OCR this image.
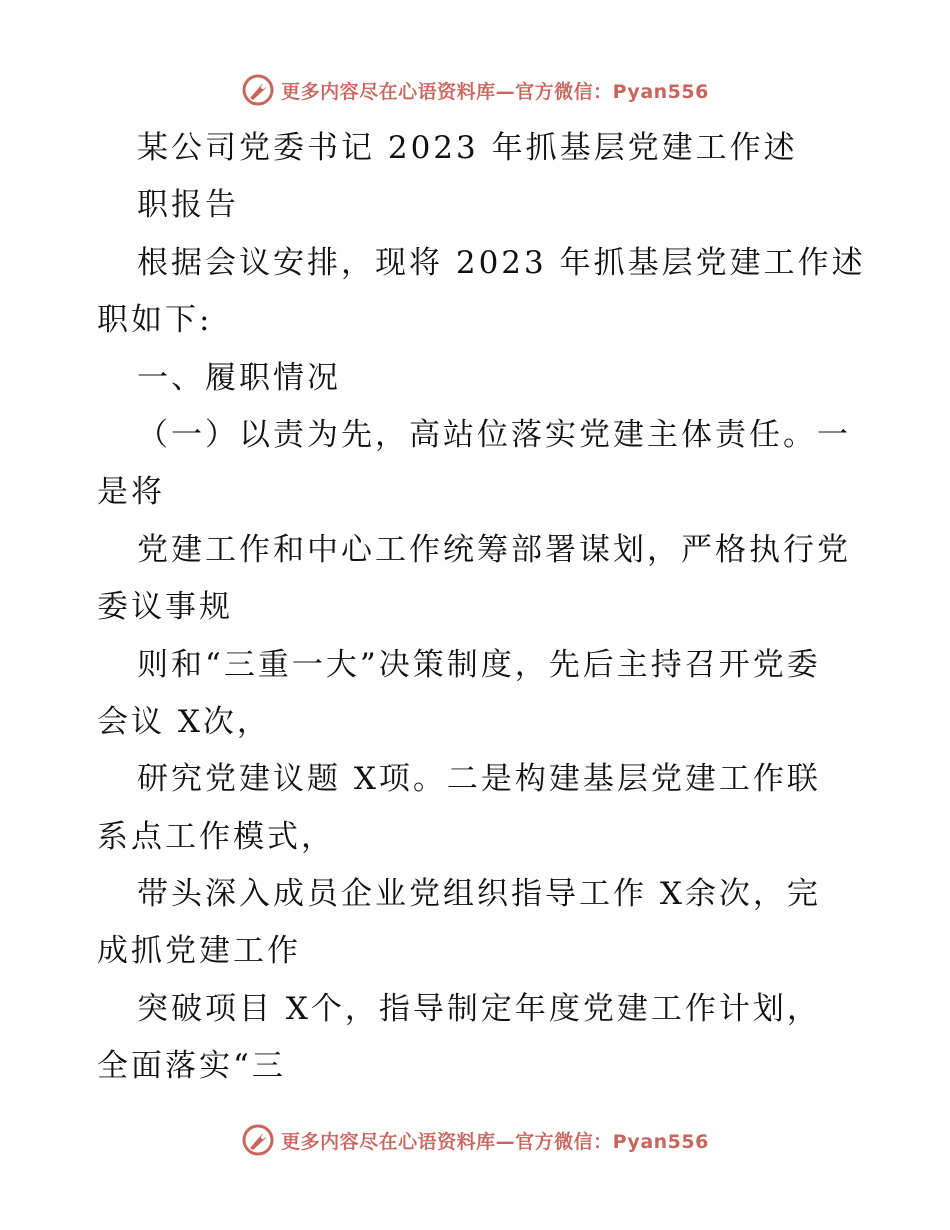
更多内容尽在心语资料库—官方微信：Pyan556
某公司党委书记 2023 年抓基层党建工作述
职报告
根据会议安排，现将 2023 年抓基层党建工作述
职如下:
一、履职情况
（一）以责为先，高站位落实党建主体责任。一
是将
党建工作和中心工作统筹部署谋划，严格执行党
委议事规
则和“三重一大”决策制度，先后主持召开党委
会议 X次，
研究党建议题 X项。二是构建基层党建工作联
系点工作模式，
带头深入成员企业党组织指导工作 X余次，完
成抓党建工作
突破项目 X个，指导制定年度党建工作计划，
全面落实“三
更多内容尽在心语资料库—官方微信：Pyan556
